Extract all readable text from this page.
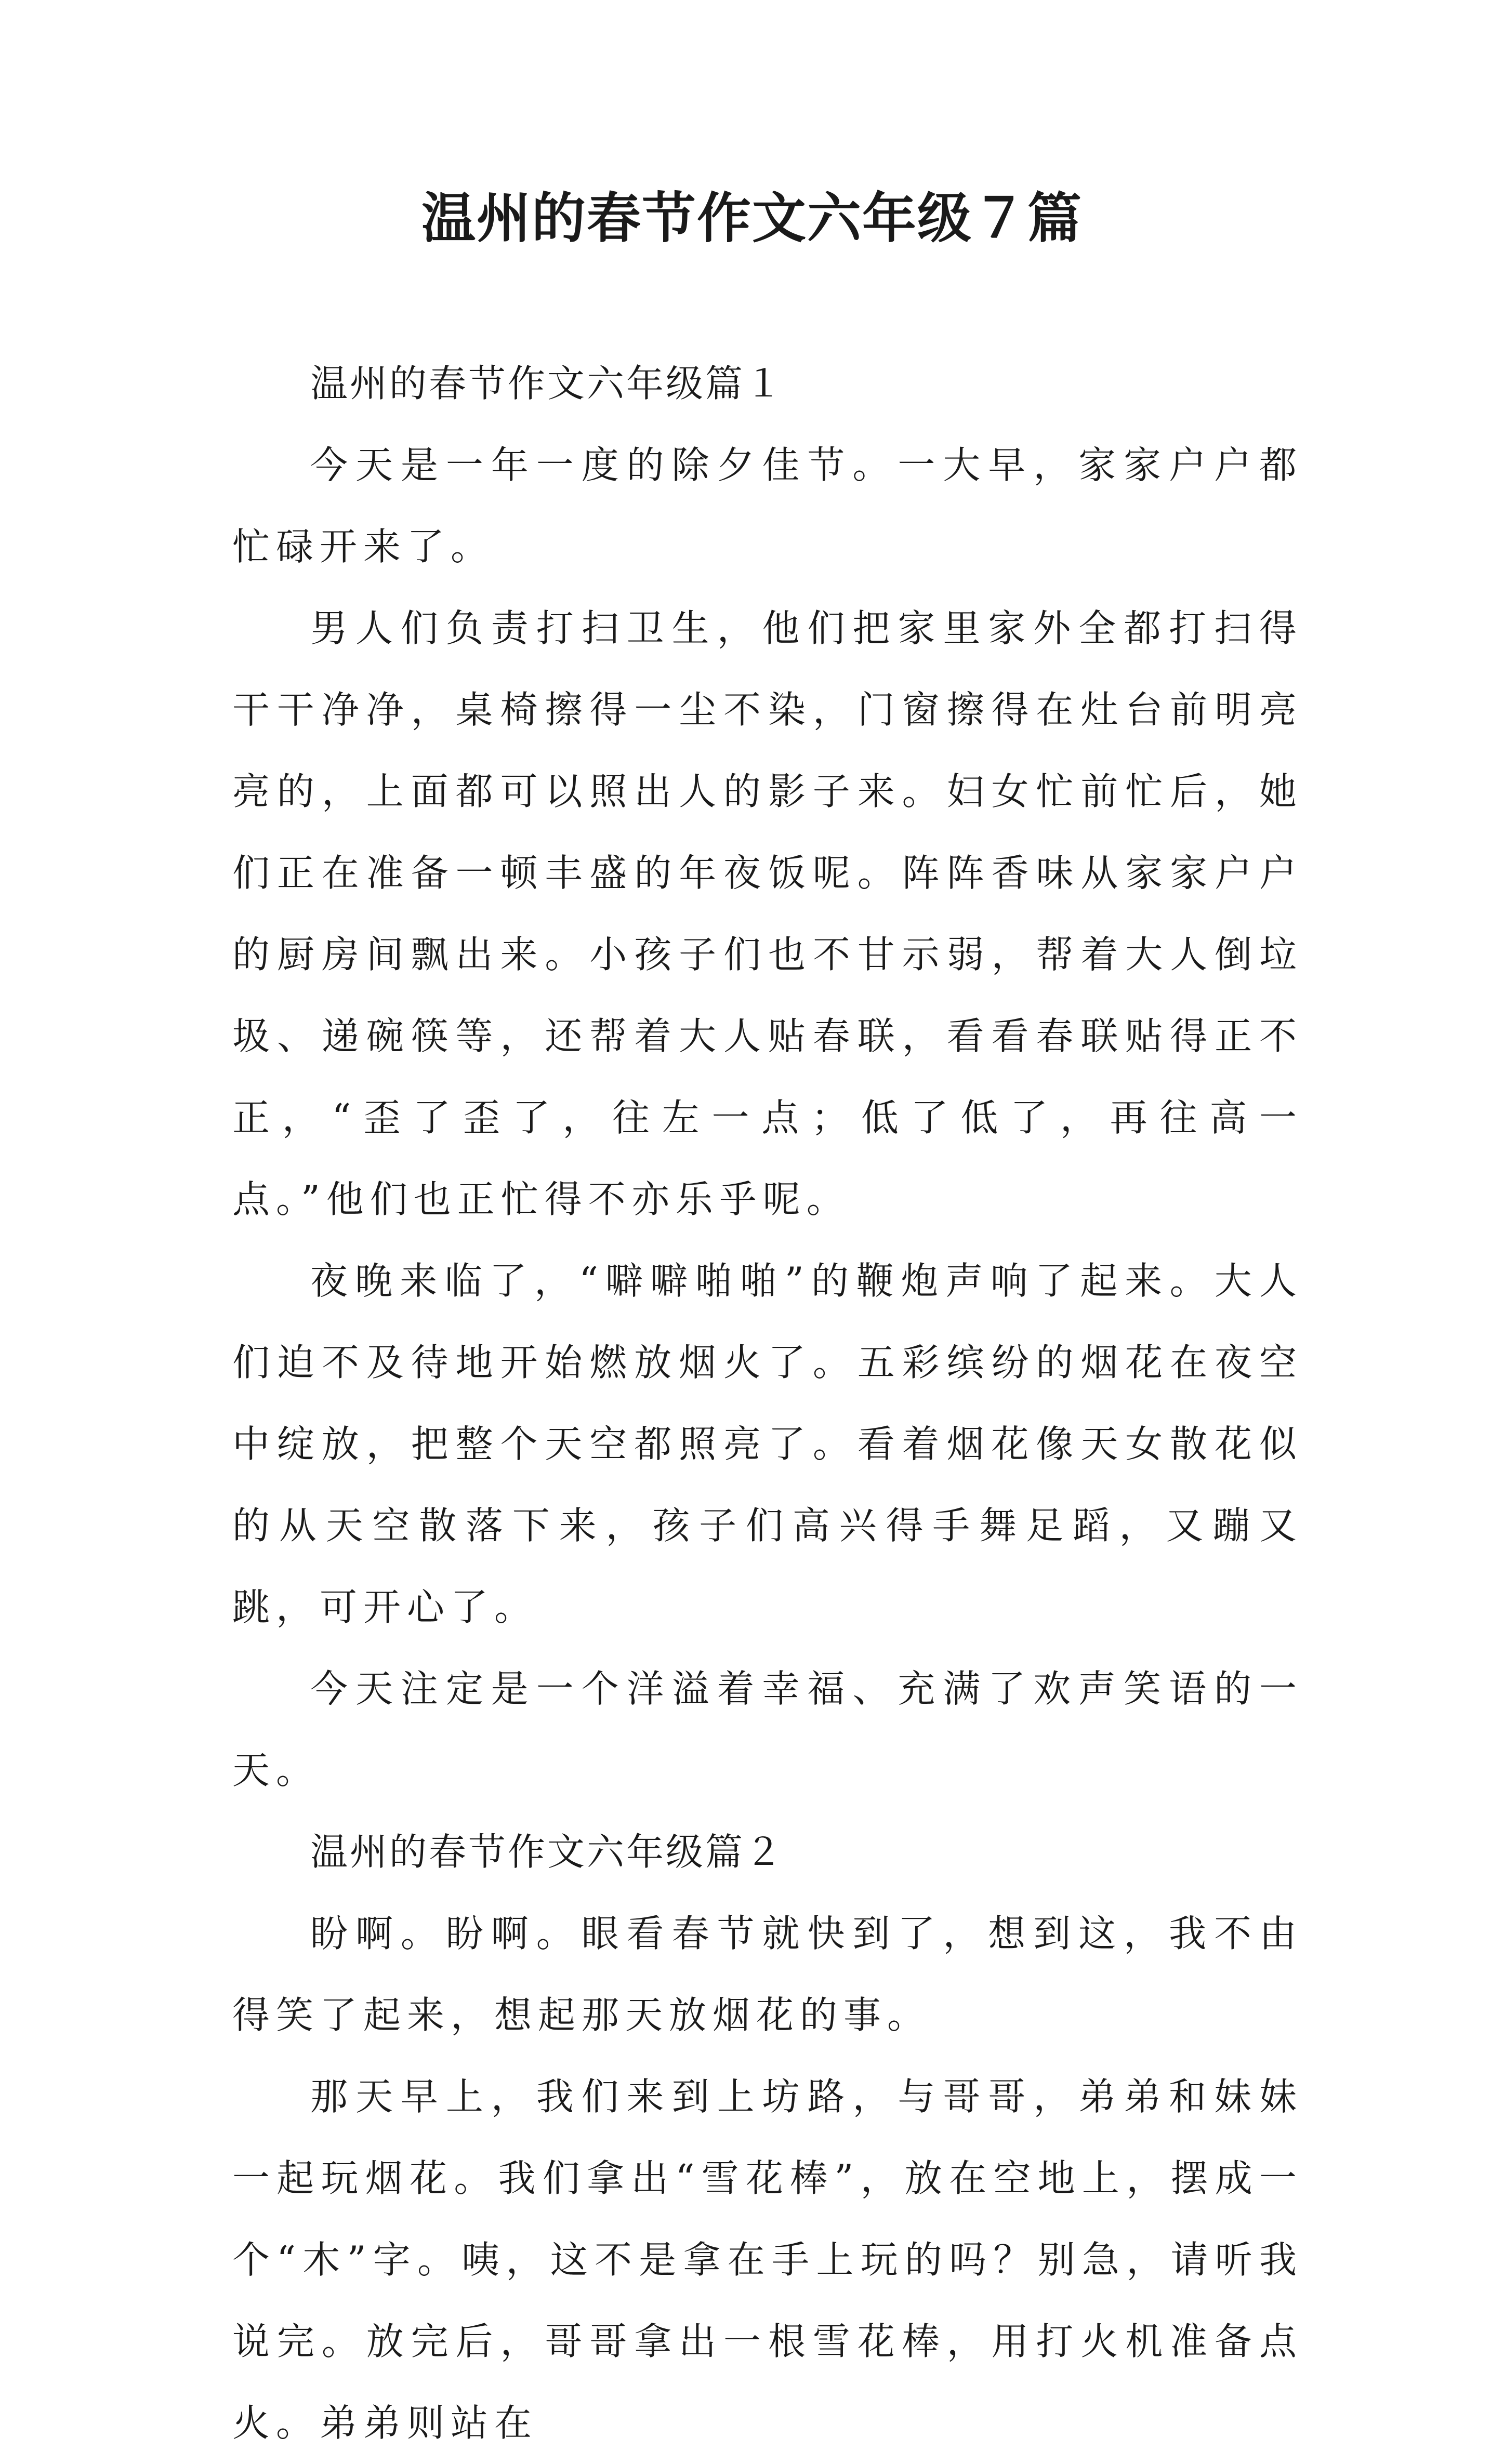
温州的春节作文六年级７篇

温州的春节作文六年级篇１

今天是一年一度的除夕佳节。一大早，家家户户都忙碌开来了。

男人们负责打扫卫生，他们把家里家外全都打扫得干干净净，桌椅擦得一尘不染，门窗擦得在灶台前明亮亮的，上面都可以照出人的影子来。妇女忙前忙后，她们正在准备一顿丰盛的年夜饭呢。阵阵香味从家家户户的厨房间飘出来。小孩子们也不甘示弱，帮着大人倒垃圾、递碗筷等，还帮着大人贴春联，看看春联贴得正不正，“歪了歪了，往左一点；低了低了，再往高一点。”他们也正忙得不亦乐乎呢。

夜晚来临了，“噼噼啪啪”的鞭炮声响了起来。大人们迫不及待地开始燃放烟火了。五彩缤纷的烟花在夜空中绽放，把整个天空都照亮了。看着烟花像天女散花似的从天空散落下来，孩子们高兴得手舞足蹈，又蹦又跳，可开心了。

今天注定是一个洋溢着幸福、充满了欢声笑语的一天。

温州的春节作文六年级篇２

盼啊。盼啊。眼看春节就快到了，想到这，我不由得笑了起来，想起那天放烟花的事。

那天早上，我们来到上坊路，与哥哥，弟弟和妹妹一起玩烟花。我们拿出“雪花棒”，放在空地上，摆成一个“木”字。咦，这不是拿在手上玩的吗？别急，请听我说完。放完后，哥哥拿出一根雪花棒，用打火机准备点火。弟弟则站在
